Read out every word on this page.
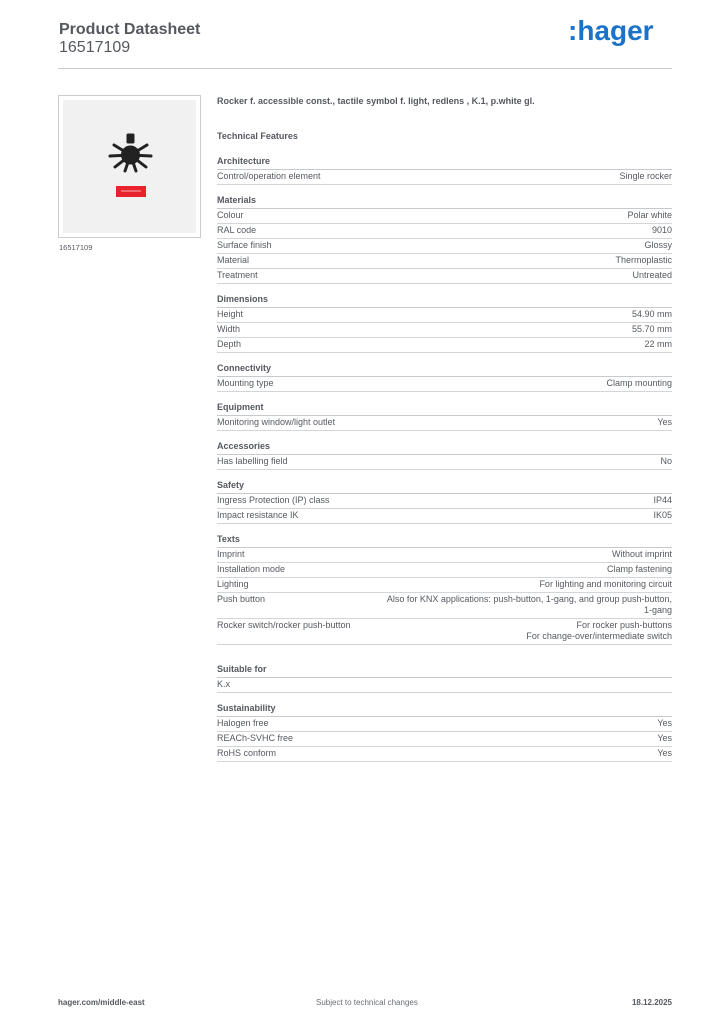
Product Datasheet
16517109
:hager
16517109
Rocker f. accessible const., tactile symbol f. light, redlens , K.1, p.white gl.
Technical Features
Architecture
Control/operation element	Single rocker
Materials
Colour	Polar white
RAL code	9010
Surface finish	Glossy
Material	Thermoplastic
Treatment	Untreated
Dimensions
Height	54.90 mm
Width	55.70 mm
Depth	22 mm
Connectivity
Mounting type	Clamp mounting
Equipment
Monitoring window/light outlet	Yes
Accessories
Has labelling field	No
Safety
Ingress Protection (IP) class	IP44
Impact resistance IK	IK05
Texts
Imprint	Without imprint
Installation mode	Clamp fastening
Lighting	For lighting and monitoring circuit
Push button	Also for KNX applications: push-button, 1-gang, and group push-button,
1-gang
Rocker switch/rocker push-button	For rocker push-buttons
For change-over/intermediate switch
Suitable for
K.x
Sustainability
Halogen free	Yes
REACh-SVHC free	Yes
RoHS conform	Yes
hager.com/middle-east	Subject to technical changes	18.12.2025
